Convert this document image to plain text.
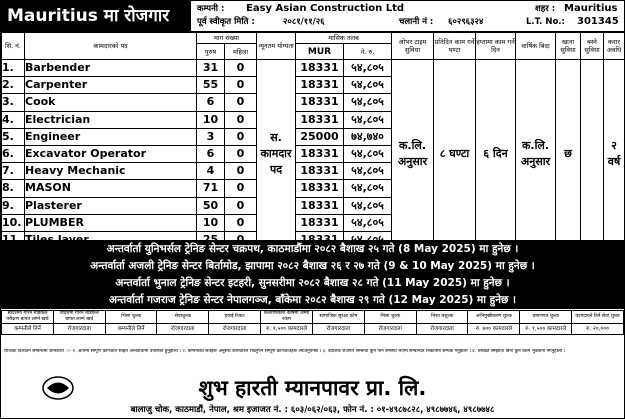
Mauritius मा रोजगार	कम्पनी : Easy Asian Construction Ltd
पूर्व स्वीकृत मिति :	२०८१/११/२६	चलानी नं : ६०२९६३२४
शहर : Mauritius
L.T. No.: 301345
सि. नं.	कामदारको पद	माग संख्या		न्यूनतम योग्यता	मासिक तलब		ओभर टाइम सुविधा	प्रतिदिन काम गर्ने घण्टा	हप्तामा काम गर्ने दिन	वार्षिक बिदा	खाना सुविधा	बस्ने सुविधा	करार अवधि
		पुरुष	महिला		MUR	ने. रु.							
1.	Barbender	31	0	स. कामदार पद	18331	५४,८०५	क.लि. अनुसार	८ घण्टा	६ दिन	क.लि. अनुसार	छ		२ वर्ष
2.	Carpenter	55	0		18331	५४,८०५							
3.	Cook	6	0		18331	५४,८०५							
4.	Electrician	10	0		18331	५४,८०५							
5.	Engineer	3	0		25000	७४,७४०							
6.	Excavator Operator	6	0		18331	५४,८०५							
7.	Heavy Mechanic	4	0		18331	५४,८०५							
8.	MASON	71	0		18331	५४,८०५							
9.	Plasterer	50	0		18331	५४,८०५							
10.	PLUMBER	10	0		18331	५४,८०५							

अन्तर्वार्ता युनिभर्सल ट्रेनिङ सेन्टर चक्रपथ, काठमाडौंमा २०८२ बैशाख २५ गते (8 May 2025) मा हुनेछ ।
अन्तर्वार्ता अजली ट्रेनिङ सेन्टर बिर्तामोड, झापामा २०८२ बैशाख २६ र २७ गते (9 & 10 May 2025) मा हुनेछ ।
अन्तर्वार्ता भुनाल ट्रेनिङ सेन्टर इटहरी, सुनसरीमा २०८२ बैशाख २८ गते (11 May 2025) मा हुनेछ ।
अन्तर्वार्ता गजराज ट्रेनिङ सेन्टर नेपालगञ्ज, बाँकेमा २०८२ बैशाख २९ गते (12 May 2025) मा हुनेछ ।
स्वदेशमा गरिने मेडिकल परीक्षण बापत लाग्ने खर्च	विदेशमा गरिने मेडिकल बापत लाग्ने खर्च	भिसा शुल्क	सेवाशुल्क	हवाई टिकट	कल्याणकारी कोषमा जम्मा रकम	सामाजिक सुरक्षा कोष	भिसा शुल्क	भिसा प्रशुल्क	अभिमुखीकरण शुल्क	प्रमाणपत्र शुल्क	कामदारले तिर्ने सेवा शुल्क
कम्पनीले तिर्ने	रोजगारदाता	कम्पनीले तिर्ने	रोजगारदाता	रोजगारदाता	रु. १,५०० कामदारले	रोजगारदाता	रोजगारदाता	रोजगारदाता	रु. ७०० कामदारले	रु. १,५०० कामदारले	रु. २०,०००
रोजिका दिलाउने सम्बन्धमा जानकारी ः– १. आफ्नो सम्पूर्ण कागजात सहित अन्तर्वार्तामा उपस्थित हुनुहोला । २. कम्पनीको सर्तहरू अनुसार कामदारले राख्नुपर्ने सम्पूर्ण कागजातहरू ल्याउनुपर्नेछ । ३. वैदेशिक रोजगार सम्बन्धी कुनै पनि समस्या भएमा सम्बन्धित निकायमा सम्पर्क गर्नुहोला । ४. लिखित सम्झौता बिना कुनै रकम भुक्तानी नगर्नुहोला ।
शुभ हारती म्यानपावर प्रा. लि.
बालाजु चोक, काठमाडौं, नेपाल, श्रम इजाजत नं. : ६०३/०६२/०६३, फोन नं. : ०१-४९८७८२८, ४९८७७४६, ४९८७७४८
